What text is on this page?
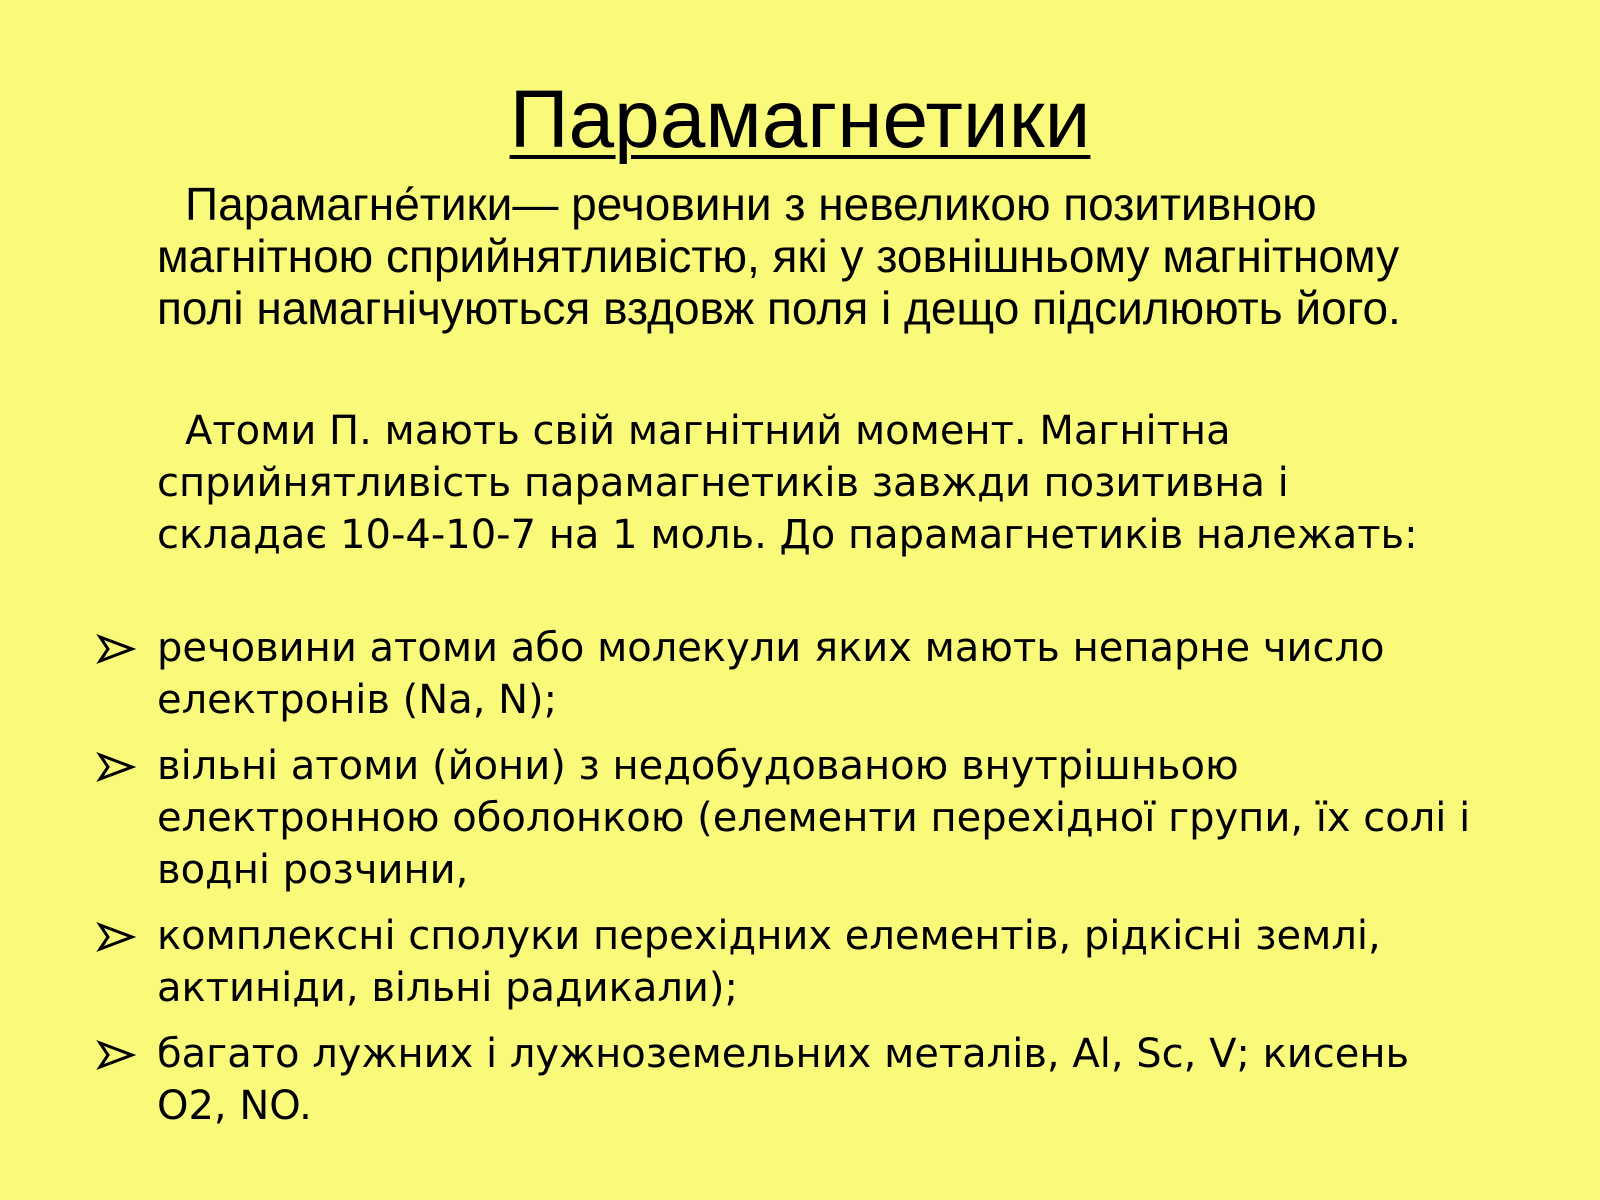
Парамагнетики

Парамагне́тики— речовини з невеликою позитивною магнітною сприйнятливістю, які у зовнішньому магнітному полі намагнічуються вздовж поля і дещо підсилюють його.

Атоми П. мають свій магнітний момент. Магнітна сприйнятливість парамагнетиків завжди позитивна і складає 10-4-10-7 на 1 моль. До парамагнетиків належать:

речовини атоми або молекули яких мають непарне число електронів (Na, N);
вільні атоми (йони) з недобудованою внутрішньою електронною оболонкою (елементи перехідної групи, їх солі і водні розчини,
комплексні сполуки перехідних елементів, рідкісні землі, актиніди, вільні радикали);
багато лужних і лужноземельних металів, Al, Sc, V; кисень O2, NO.
